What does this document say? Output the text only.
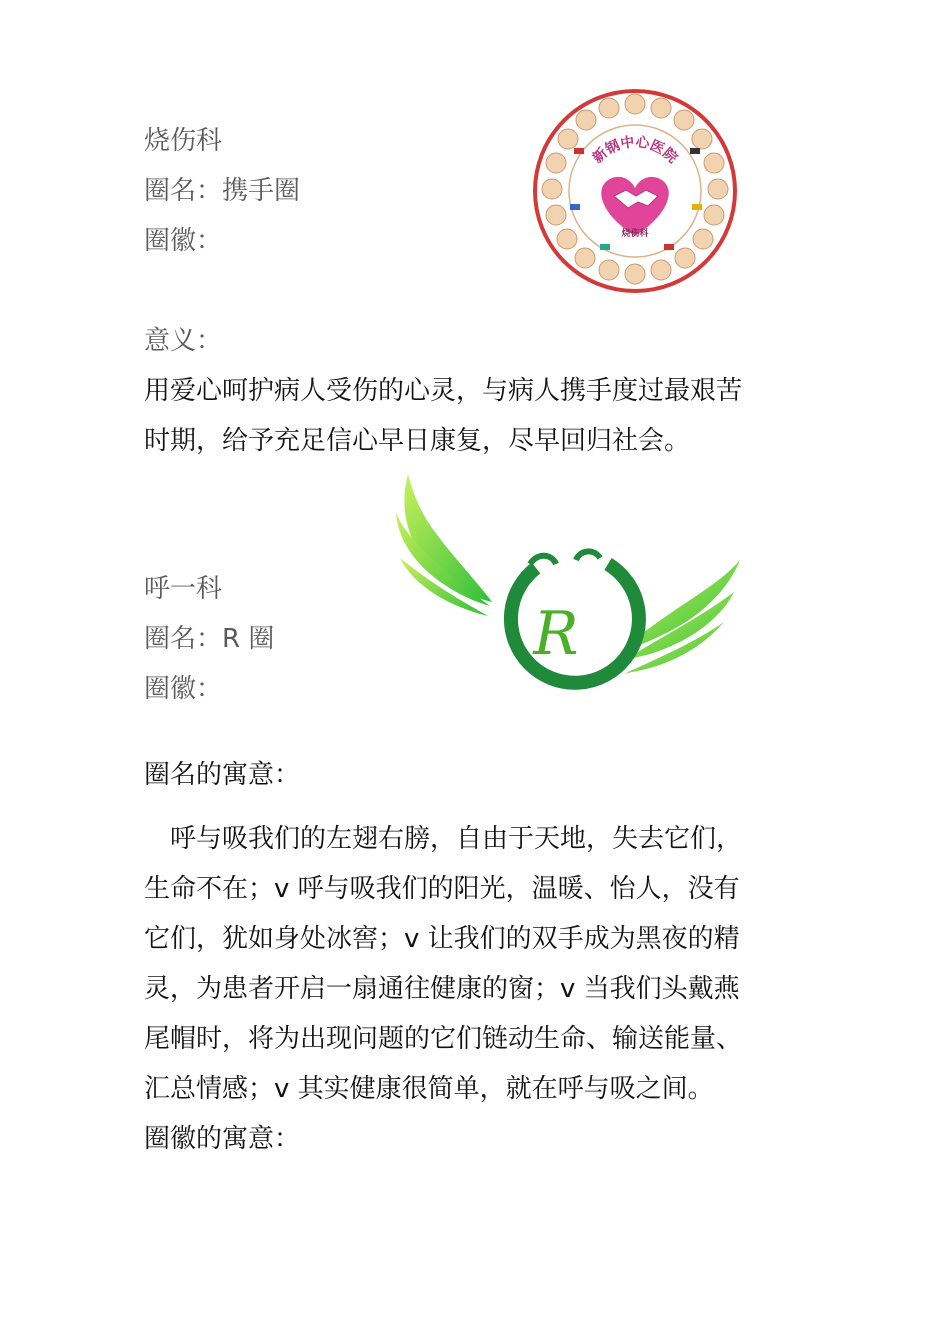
烧伤科
圈名：携手圈
圈徽：
新钢中心医院
烧伤科
意义：
用爱心呵护病人受伤的心灵，与病人携手度过最艰苦
时期，给予充足信心早日康复，尽早回归社会。
R
呼一科
圈名：R 圈
圈徽：
圈名的寓意：
　呼与吸我们的左翅右膀，自由于天地，失去它们，
生命不在；v 呼与吸我们的阳光，温暖、怡人，没有
它们，犹如身处冰窖；v 让我们的双手成为黑夜的精
灵，为患者开启一扇通往健康的窗；v 当我们头戴燕
尾帽时，将为出现问题的它们链动生命、输送能量、
汇总情感；v 其实健康很简单，就在呼与吸之间。
圈徽的寓意：
